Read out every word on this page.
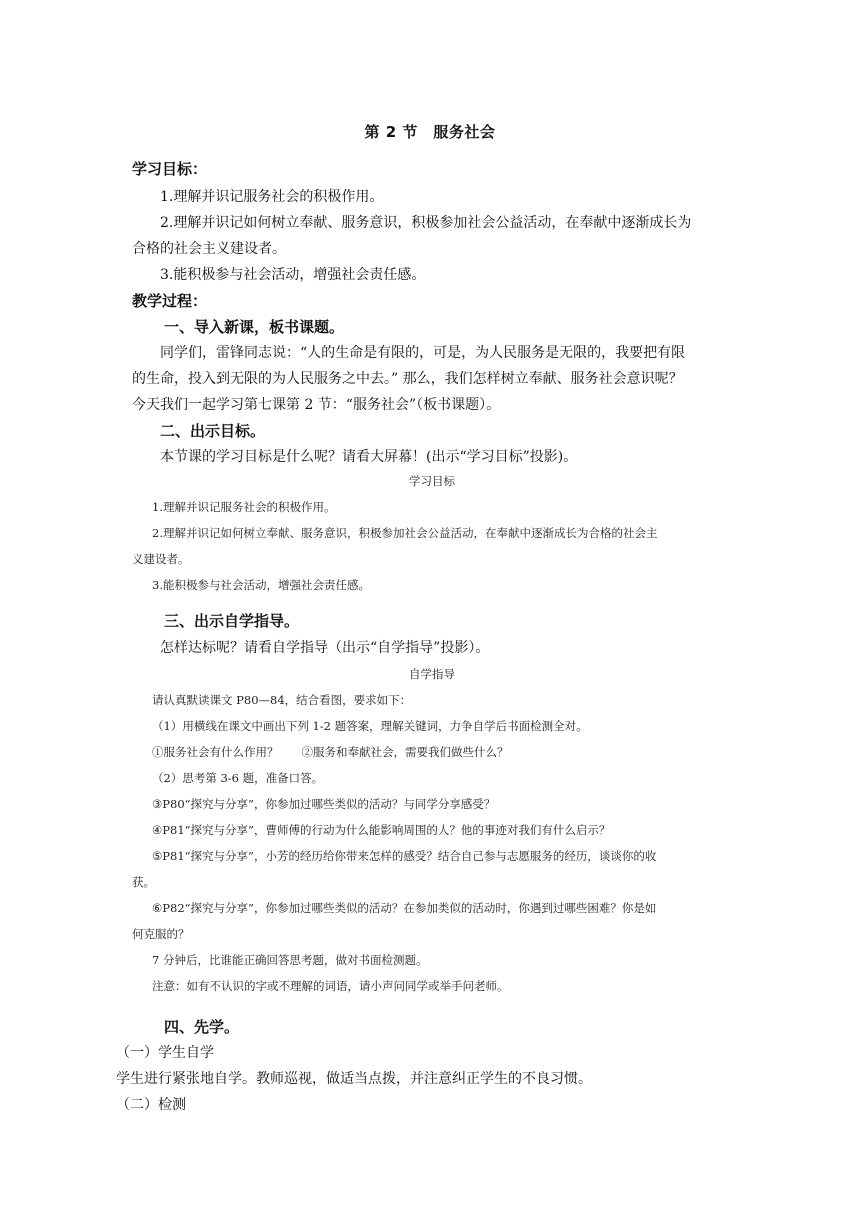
第 2 节　服务社会
学习目标：
1.理解并识记服务社会的积极作用。
2.理解并识记如何树立奉献、服务意识，积极参加社会公益活动，在奉献中逐渐成长为
合格的社会主义建设者。
3.能积极参与社会活动，增强社会责任感。
教学过程：
一、导入新课，板书课题。
同学们，雷锋同志说：“人的生命是有限的，可是，为人民服务是无限的，我要把有限
的生命，投入到无限的为人民服务之中去。” 那么，我们怎样树立奉献、服务社会意识呢？
今天我们一起学习第七课第 2 节：“服务社会”（板书课题）。
二、出示目标。
本节课的学习目标是什么呢？请看大屏幕！(出示“学习目标”投影)。
学习目标
1.理解并识记服务社会的积极作用。
2.理解并识记如何树立奉献、服务意识，积极参加社会公益活动，在奉献中逐渐成长为合格的社会主
义建设者。
3.能积极参与社会活动，增强社会责任感。
三、出示自学指导。
怎样达标呢？请看自学指导（出示“自学指导”投影）。
自学指导
请认真默读课文 P80—84，结合看图，要求如下：
（1）用横线在课文中画出下列 1-2 题答案，理解关键词，力争自学后书面检测全对。
①服务社会有什么作用？　　②服务和奉献社会，需要我们做些什么？
（2）思考第 3-6 题，准备口答。
③P80“探究与分享”，你参加过哪些类似的活动？与同学分享感受？
④P81“探究与分享”，曹师傅的行动为什么能影响周围的人？他的事迹对我们有什么启示？
⑤P81“探究与分享”，小芳的经历给你带来怎样的感受？结合自己参与志愿服务的经历，谈谈你的收
获。
⑥P82“探究与分享”，你参加过哪些类似的活动？在参加类似的活动时，你遇到过哪些困难？你是如
何克服的？
7 分钟后，比谁能正确回答思考题，做对书面检测题。
注意：如有不认识的字或不理解的词语，请小声问同学或举手问老师。
四、先学。
（一）学生自学
学生进行紧张地自学。教师巡视，做适当点拨，并注意纠正学生的不良习惯。
（二）检测
